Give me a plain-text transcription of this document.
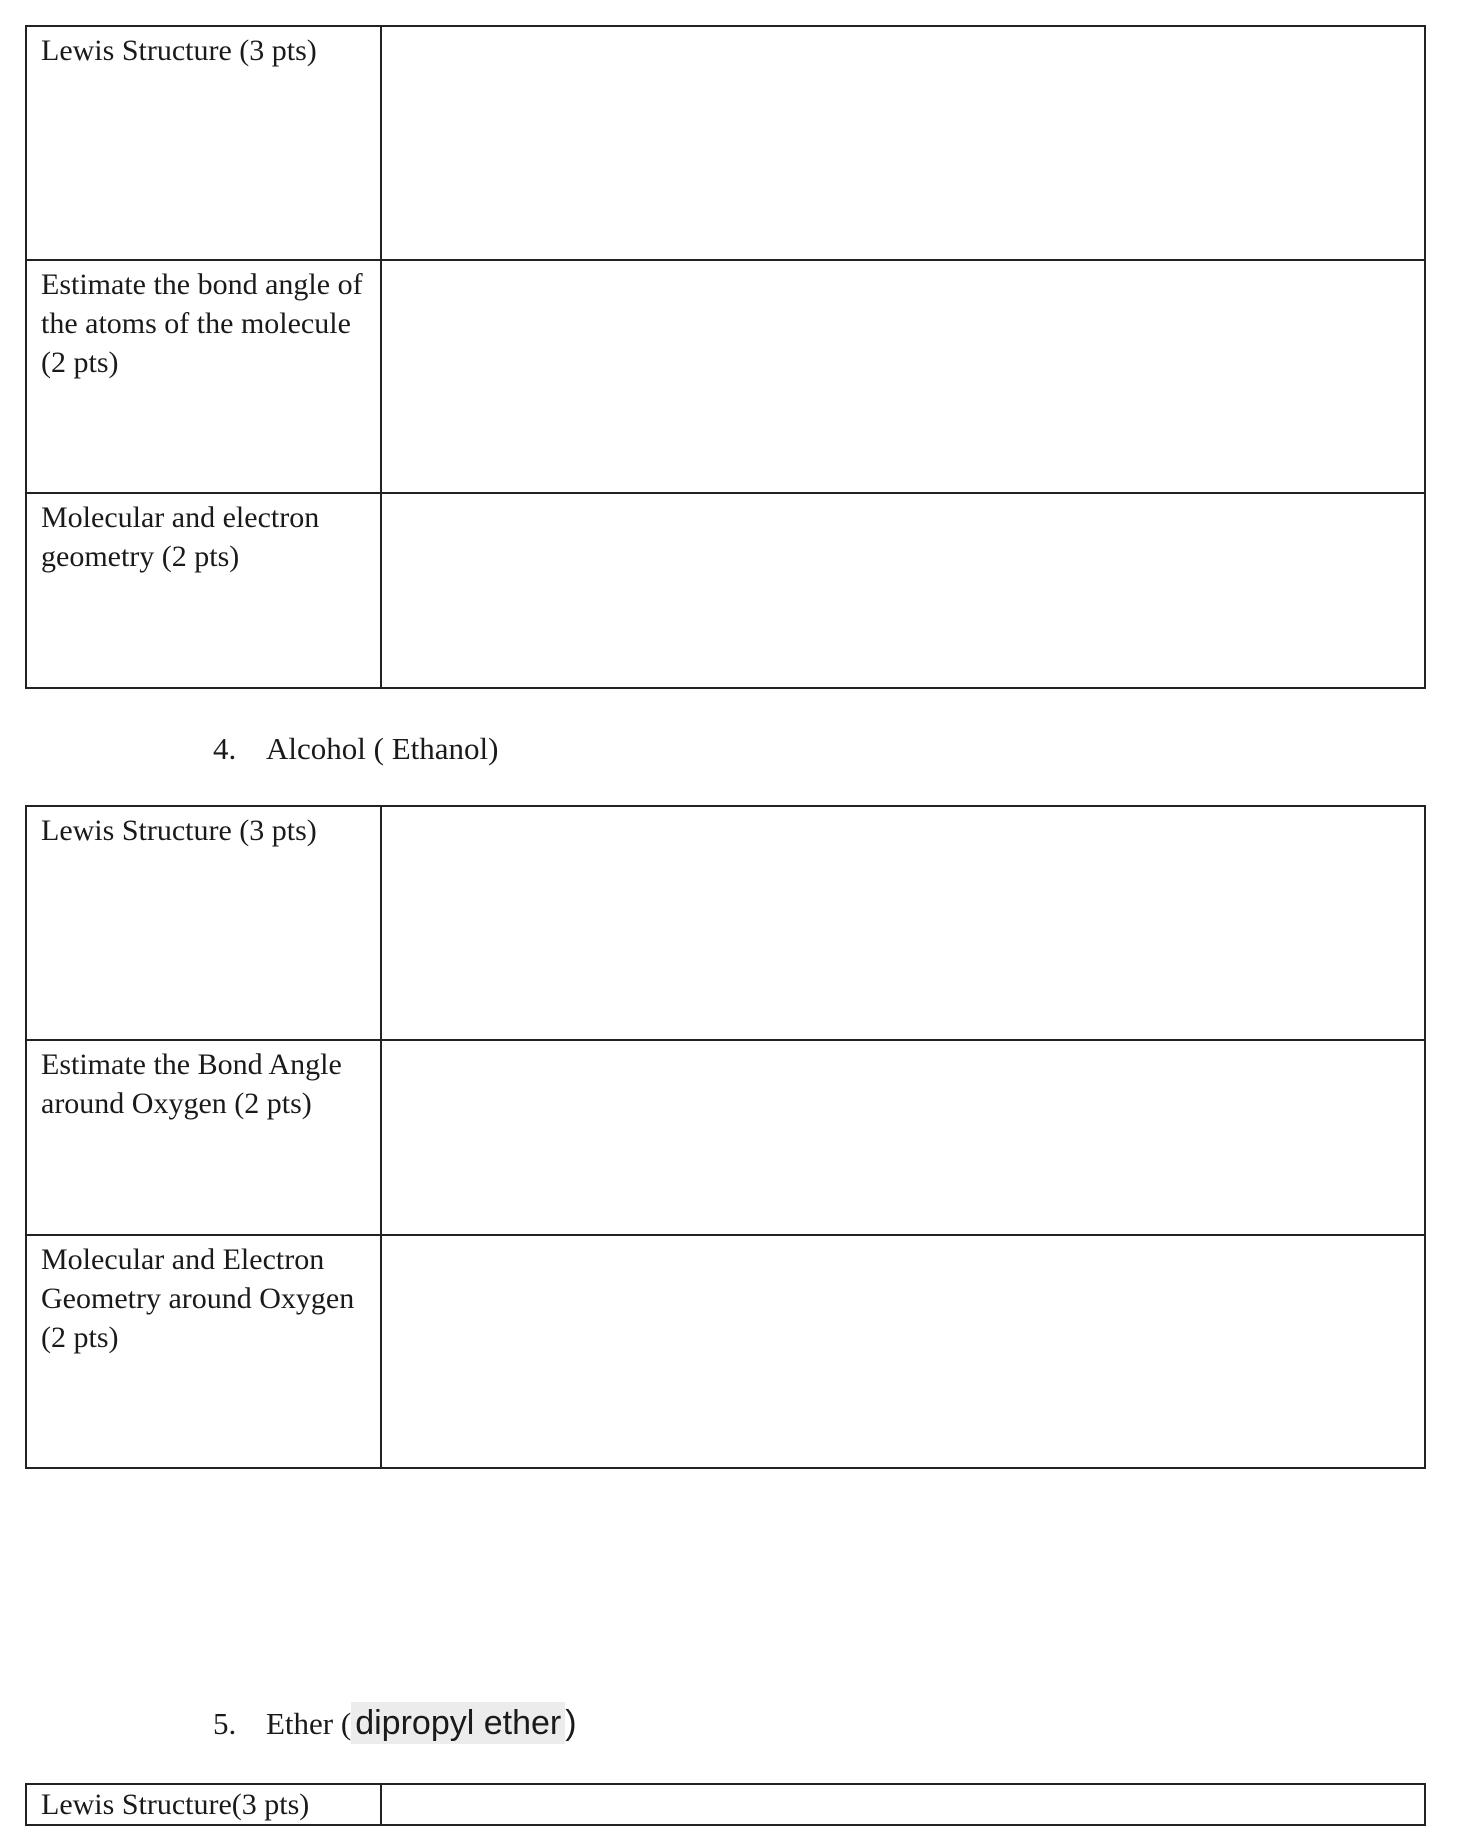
Lewis Structure (3 pts)	
Estimate the bond angle of the atoms of the molecule (2 pts)	
Molecular and electron geometry (2 pts)	
4. Alcohol ( Ethanol)
Lewis Structure (3 pts)	
Estimate the Bond Angle around Oxygen (2 pts)	
Molecular and Electron Geometry around Oxygen (2 pts)	
5. Ether ( dipropyl ether )
Lewis Structure(3 pts)	
